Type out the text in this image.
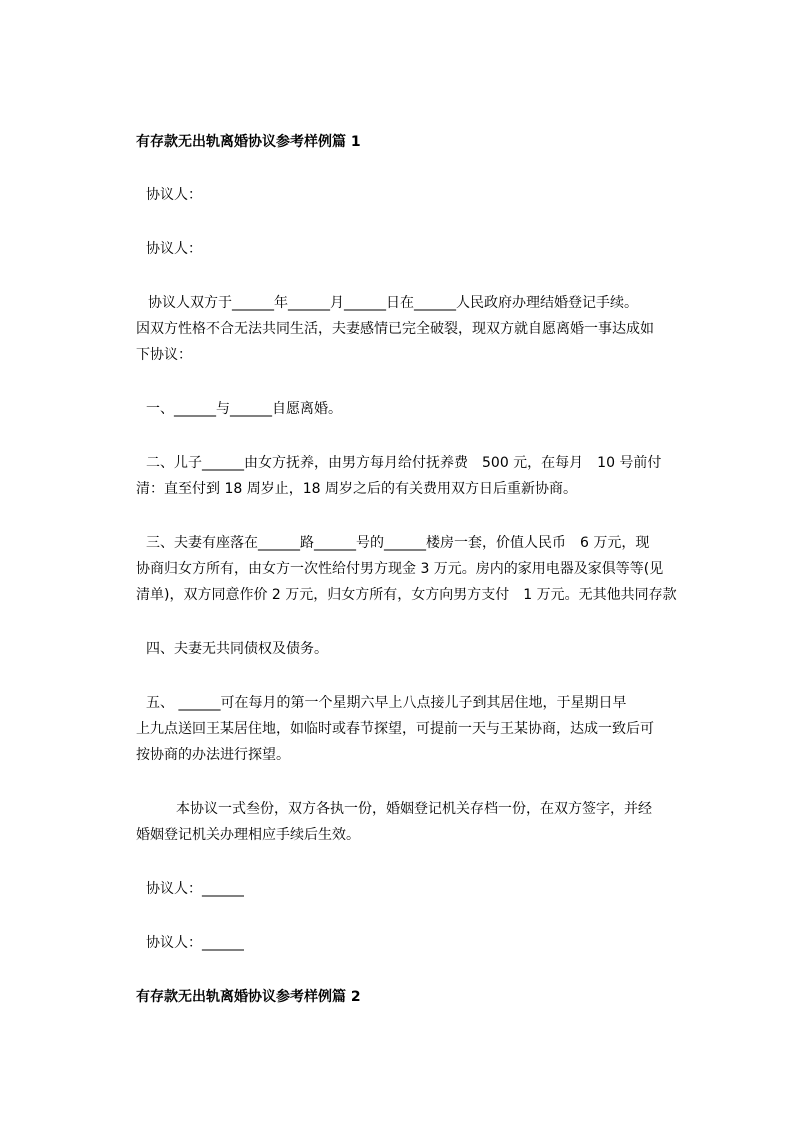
有存款无出轨离婚协议参考样例篇 1
协议人：
协议人：
协议人双方于______年______月______日在______人民政府办理结婚登记手续。
因双方性格不合无法共同生活，夫妻感情已完全破裂，现双方就自愿离婚一事达成如
下协议：
一、______与______自愿离婚。
二、儿子______由女方抚养，由男方每月给付抚养费　500 元，在每月　10 号前付
清：直至付到 18 周岁止，18 周岁之后的有关费用双方日后重新协商。
三、夫妻有座落在______路______号的______楼房一套，价值人民币　6 万元，现
协商归女方所有，由女方一次性给付男方现金 3 万元。房内的家用电器及家俱等等(见
清单)，双方同意作价 2 万元，归女方所有，女方向男方支付　1 万元。无其他共同存款
四、夫妻无共同债权及债务。
五、 ______可在每月的第一个星期六早上八点接儿子到其居住地，于星期日早
上九点送回王某居住地，如临时或春节探望，可提前一天与王某协商，达成一致后可
按协商的办法进行探望。
本协议一式叁份，双方各执一份，婚姻登记机关存档一份，在双方签字，并经
婚姻登记机关办理相应手续后生效。
协议人：______
协议人：______
有存款无出轨离婚协议参考样例篇 2
